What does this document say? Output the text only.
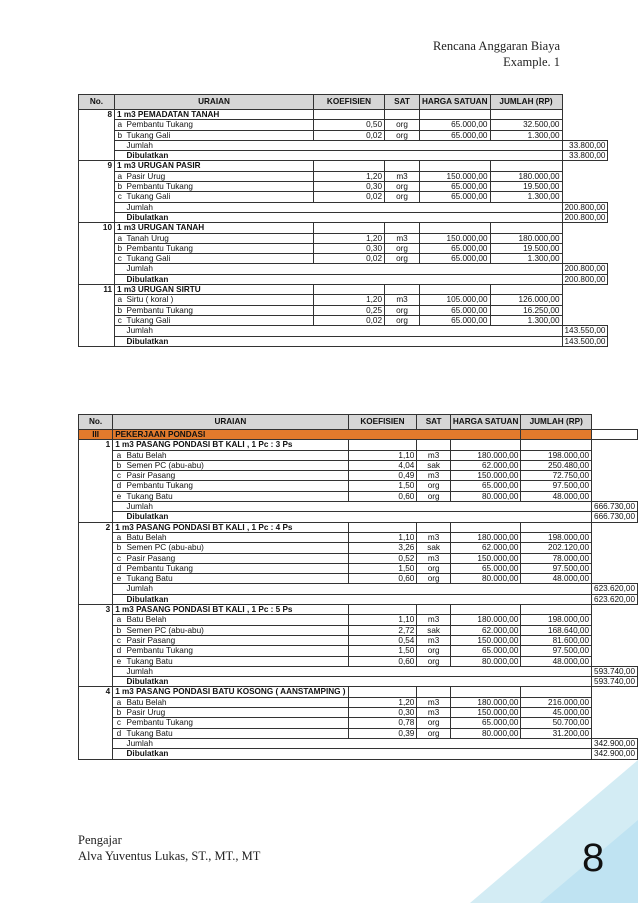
Rencana Anggaran Biaya
Example. 1
No.	URAIAN		KOEFISIEN	SAT	HARGA SATUAN	JUMLAH (RP)	
8	1 m3 PEMADATAN TANAH						
	a	Pembantu Tukang	0,50	org	65.000,00	32.500,00	
	b	Tukang Gali	0,02	org	65.000,00	1.300,00	
		Jumlah					33.800,00
		Dibulatkan					33.800,00
9	1 m3 URUGAN PASIR						
	a	Pasir Urug	1,20	m3	150.000,00	180.000,00	
	b	Pembantu Tukang	0,30	org	65.000,00	19.500,00	
	c	Tukang Gali	0,02	org	65.000,00	1.300,00	
		Jumlah					200.800,00
		Dibulatkan					200.800,00
10	1 m3 URUGAN TANAH						
	a	Tanah Urug	1,20	m3	150.000,00	180.000,00	
	b	Pembantu Tukang	0,30	org	65.000,00	19.500,00	
	c	Tukang Gali	0,02	org	65.000,00	1.300,00	
		Jumlah					200.800,00
		Dibulatkan					200.800,00
11	1 m3 URUGAN SIRTU						
	a	Sirtu ( koral )	1,20	m3	105.000,00	126.000,00	
	b	Pembantu Tukang	0,25	org	65.000,00	16.250,00	
	c	Tukang Gali	0,02	org	65.000,00	1.300,00	
		Jumlah					143.550,00
		Dibulatkan					143.500,00
No.	URAIAN		KOEFISIEN	SAT	HARGA SATUAN	JUMLAH (RP)	
III	PEKERJAAN PONDASI						
1	1 m3 PASANG PONDASI BT KALI , 1 Pc : 3 Ps						
	a	Batu Belah	1,10	m3	180.000,00	198.000,00	
	b	Semen PC (abu-abu)	4,04	sak	62.000,00	250.480,00	
	c	Pasir Pasang	0,49	m3	150.000,00	72.750,00	
	d	Pembantu Tukang	1,50	org	65.000,00	97.500,00	
	e	Tukang Batu	0,60	org	80.000,00	48.000,00	
		Jumlah					666.730,00
		Dibulatkan					666.730,00
2	1 m3 PASANG PONDASI BT KALI , 1 Pc : 4 Ps						
	a	Batu Belah	1,10	m3	180.000,00	198.000,00	
	b	Semen PC (abu-abu)	3,26	sak	62.000,00	202.120,00	
	c	Pasir Pasang	0,52	m3	150.000,00	78.000,00	
	d	Pembantu Tukang	1,50	org	65.000,00	97.500,00	
	e	Tukang Batu	0,60	org	80.000,00	48.000,00	
		Jumlah					623.620,00
		Dibulatkan					623.620,00
3	1 m3 PASANG PONDASI BT KALI , 1 Pc : 5 Ps						
	a	Batu Belah	1,10	m3	180.000,00	198.000,00	
	b	Semen PC (abu-abu)	2,72	sak	62.000,00	168.640,00	
	c	Pasir Pasang	0,54	m3	150.000,00	81.600,00	
	d	Pembantu Tukang	1,50	org	65.000,00	97.500,00	
	e	Tukang Batu	0,60	org	80.000,00	48.000,00	
		Jumlah					593.740,00
		Dibulatkan					593.740,00
4	1 m3 PASANG PONDASI BATU KOSONG ( AANSTAMPING )						
	a	Batu Belah	1,20	m3	180.000,00	216.000,00	
	b	Pasir Urug	0,30	m3	150.000,00	45.000,00	
	c	Pembantu Tukang	0,78	org	65.000,00	50.700,00	
	d	Tukang Batu	0,39	org	80.000,00	31.200,00	
		Jumlah					342.900,00
		Dibulatkan					342.900,00
Pengajar
Alva Yuventus Lukas, ST., MT., MT	8
